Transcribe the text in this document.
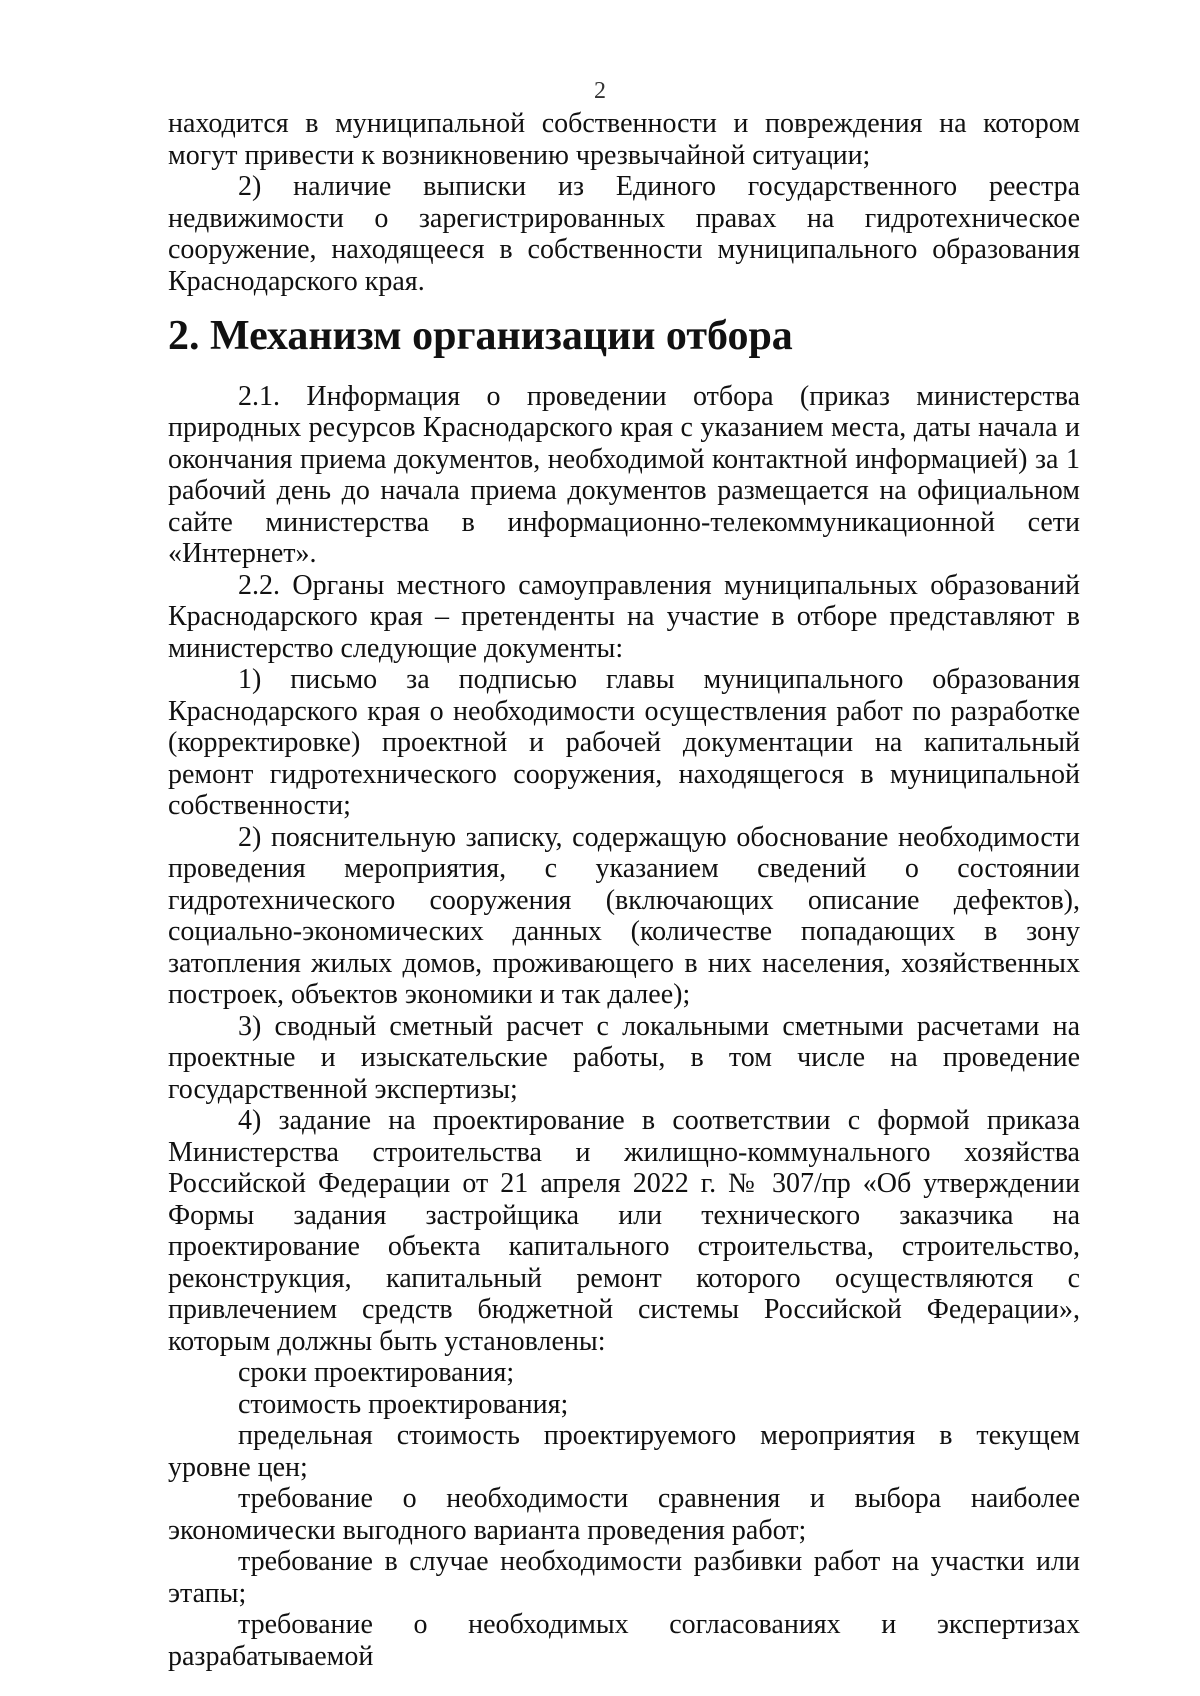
2

находится в муниципальной собственности и повреждения на котором могут привести к возникновению чрезвычайной ситуации;

2) наличие выписки из Единого государственного реестра недвижимости о зарегистрированных правах на гидротехническое сооружение, находящееся в собственности муниципального образования Краснодарского края.

2. Механизм организации отбора

2.1. Информация о проведении отбора (приказ министерства природных ресурсов Краснодарского края с указанием места, даты начала и окончания приема документов, необходимой контактной информацией) за 1 рабочий день до начала приема документов размещается на официальном сайте министерства в информационно-телекоммуникационной сети «Интернет».

2.2. Органы местного самоуправления муниципальных образований Краснодарского края – претенденты на участие в отборе представляют в министерство следующие документы:

1) письмо за подписью главы муниципального образования Краснодарского края о необходимости осуществления работ по разработке (корректировке) проектной и рабочей документации на капитальный ремонт гидротехнического сооружения, находящегося в муниципальной собственности;

2) пояснительную записку, содержащую обоснование необходимости проведения мероприятия, с указанием сведений о состоянии гидротехнического сооружения (включающих описание дефектов), социально-экономических данных (количестве попадающих в зону затопления жилых домов, проживающего в них населения, хозяйственных построек, объектов экономики и так далее);

3) сводный сметный расчет с локальными сметными расчетами на проектные и изыскательские работы, в том числе на проведение государственной экспертизы;

4) задание на проектирование в соответствии с формой приказа Министерства строительства и жилищно-коммунального хозяйства Российской Федерации от 21 апреля 2022 г. № 307/пр «Об утверждении Формы задания застройщика или технического заказчика на проектирование объекта капитального строительства, строительство, реконструкция, капитальный ремонт которого осуществляются с привлечением средств бюджетной системы Российской Федерации», которым должны быть установлены:

сроки проектирования;

стоимость проектирования;

предельная стоимость проектируемого мероприятия в текущем уровне цен;

требование о необходимости сравнения и выбора наиболее экономически выгодного варианта проведения работ;

требование в случае необходимости разбивки работ на участки или этапы;

требование о необходимых согласованиях и экспертизах разрабатываемой
